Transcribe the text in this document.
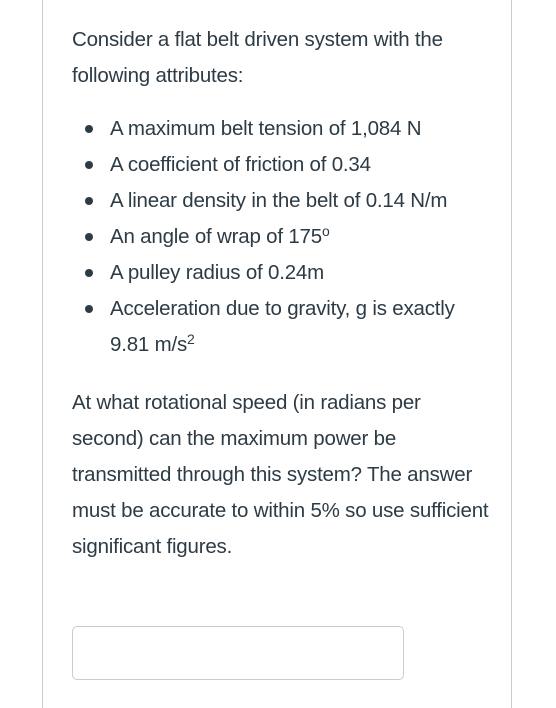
Consider a flat belt driven system with the following attributes:

A maximum belt tension of 1,084 N
A coefficient of friction of 0.34
A linear density in the belt of 0.14 N/m
An angle of wrap of 175$^o$
A pulley radius of 0.24m
Acceleration due to gravity, g is exactly 9.81 $m/s^2$

At what rotational speed (in radians per second) can the maximum power be transmitted through this system? The answer must be accurate to within 5% so use sufficient significant figures.
